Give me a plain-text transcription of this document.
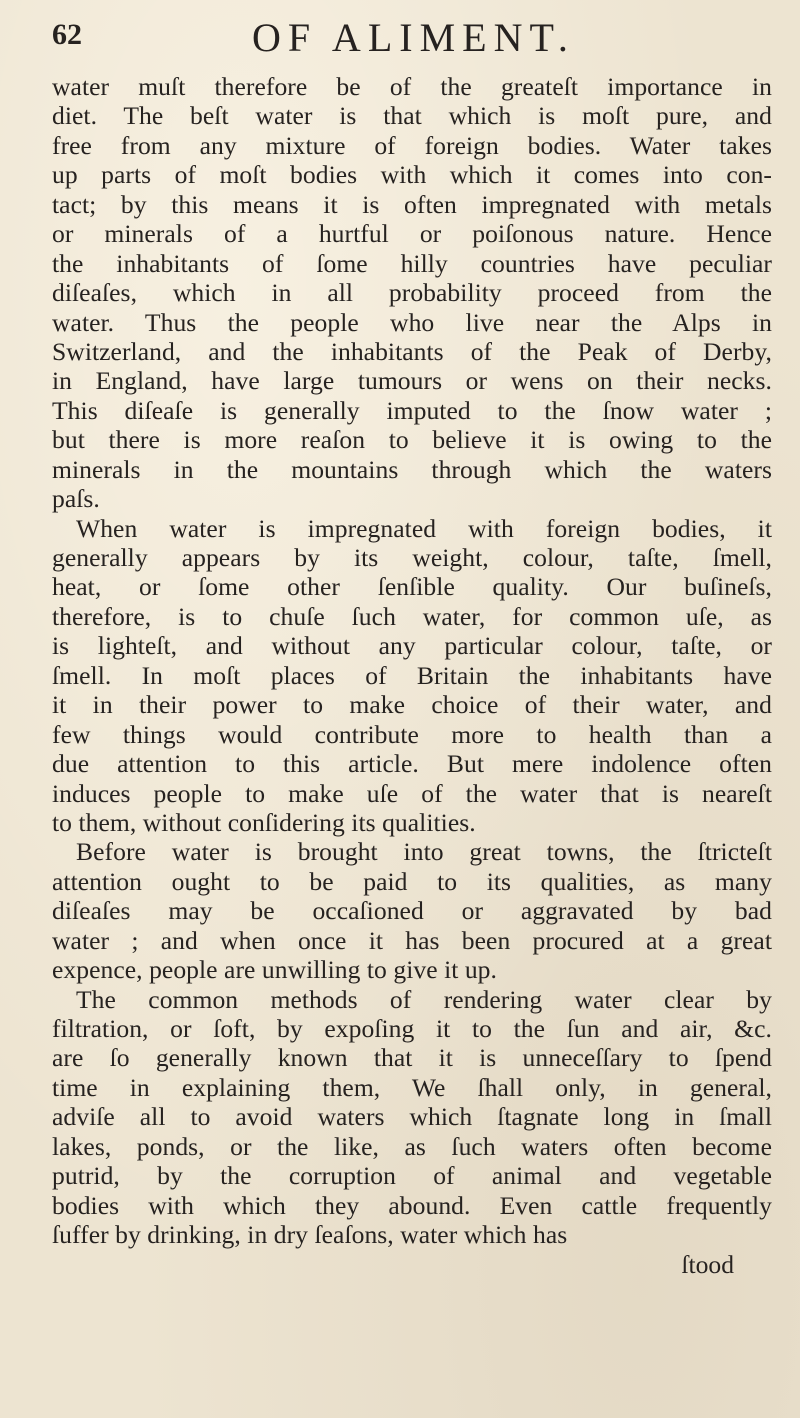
62	OF ALIMENT.
water muſt therefore be of the greateſt importance in
diet. The beſt water is that which is moſt pure, and
free from any mixture of foreign bodies. Water takes
up parts of moſt bodies with which it comes into con-
tact; by this means it is often impregnated with metals
or minerals of a hurtful or poiſonous nature. Hence
the inhabitants of ſome hilly countries have peculiar
diſeaſes, which in all probability proceed from the
water. Thus the people who live near the Alps in
Switzerland, and the inhabitants of the Peak of Derby,
in England, have large tumours or wens on their necks.
This diſeaſe is generally imputed to the ſnow water ;
but there is more reaſon to believe it is owing to the
minerals in the mountains through which the waters
paſs.
When water is impregnated with foreign bodies, it
generally appears by its weight, colour, taſte, ſmell,
heat, or ſome other ſenſible quality. Our buſineſs,
therefore, is to chuſe ſuch water, for common uſe, as
is lighteſt, and without any particular colour, taſte, or
ſmell. In moſt places of Britain the inhabitants have
it in their power to make choice of their water, and
few things would contribute more to health than a
due attention to this article. But mere indolence often
induces people to make uſe of the water that is neareſt
to them, without conſidering its qualities.
Before water is brought into great towns, the ſtricteſt
attention ought to be paid to its qualities, as many
diſeaſes may be occaſioned or aggravated by bad
water ; and when once it has been procured at a great
expence, people are unwilling to give it up.
The common methods of rendering water clear by
filtration, or ſoft, by expoſing it to the ſun and air, &c.
are ſo generally known that it is unneceſſary to ſpend
time in explaining them, We ſhall only, in general,
adviſe all to avoid waters which ſtagnate long in ſmall
lakes, ponds, or the like, as ſuch waters often become
putrid, by the corruption of animal and vegetable
bodies with which they abound. Even cattle frequently
ſuffer by drinking, in dry ſeaſons, water which has
ſtood
